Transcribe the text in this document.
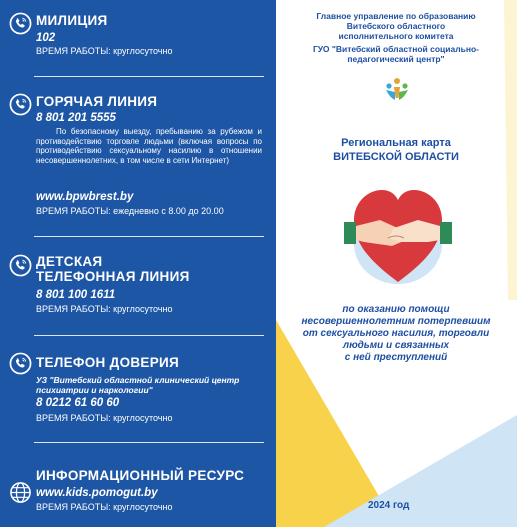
МИЛИЦИЯ
102
ВРЕМЯ РАБОТЫ: круглосуточно
ГОРЯЧАЯ ЛИНИЯ
8 801 201 5555
По безопасному выезду, пребыванию за рубежом и противодействию торговле людьми (включая вопросы по противодействию сексуальному насилию в отношении несовершеннолетних, в том числе в сети Интернет)
www.bpwbrest.by
ВРЕМЯ РАБОТЫ: ежедневно с 8.00 до 20.00
ДЕТСКАЯ
ТЕЛЕФОННАЯ ЛИНИЯ
8 801 100 1611
ВРЕМЯ РАБОТЫ: круглосуточно
ТЕЛЕФОН ДОВЕРИЯ
УЗ "Витебский областной клинический центр психиатрии и наркологии"
8 0212 61 60 60
ВРЕМЯ РАБОТЫ: круглосуточно
ИНФОРМАЦИОННЫЙ РЕСУРС
www.kids.pomogut.by
ВРЕМЯ РАБОТЫ: круглосуточно
Главное управление по образованию
Витебского областного
исполнительного комитета
ГУО "Витебский областной социально-
педагогический центр"
Региональная карта
ВИТЕБСКОЙ ОБЛАСТИ
по оказанию помощи
несовершеннолетним потерпевшим
от сексуального насилия, торговли
людьми и связанных
с ней преступлений
2024 год
